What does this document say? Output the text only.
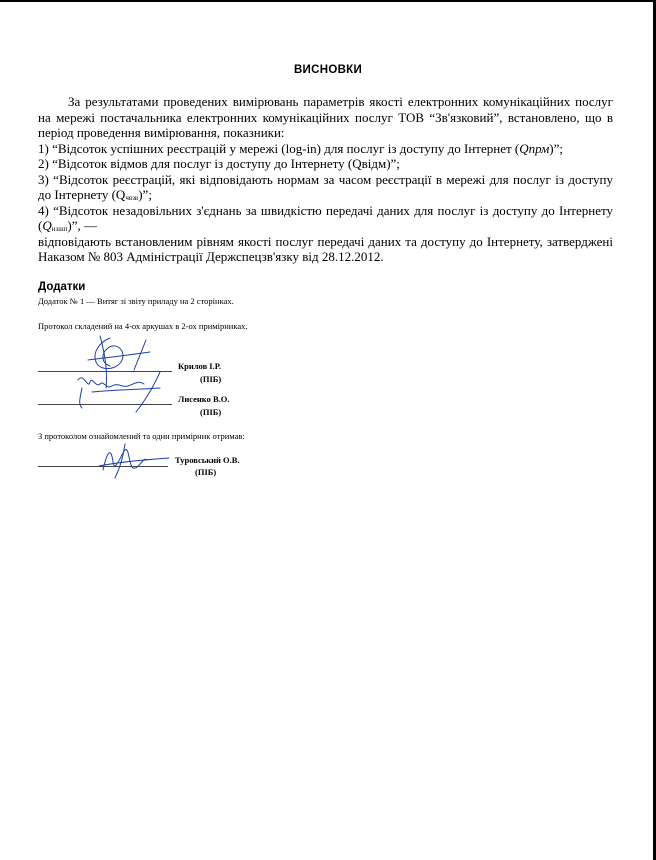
ВИСНОВКИ

За результатами проведених вимірювань параметрів якості електронних комунікаційних послуг на мережі постачальника електронних комунікаційних послуг ТОВ “Зв'язковий”, встановлено, що в період проведення вимірювання, показники:

1) “Відсоток успішних реєстрацій у мережі (log-in) для послуг із доступу до Інтернет (Qпрм)”;

2) “Відсоток відмов для послуг із доступу до Інтернету (Qвідм)”;

3) “Відсоток реєстрацій, які відповідають нормам за часом реєстрації в мережі для послуг із доступу до Інтернету $(Q_{чвзв})$”;

4) “Відсоток незадовільних з'єднань за швидкістю передачі даних для послуг із доступу до Інтернету $(Q_{нзшп})$”, —

відповідають встановленим рівням якості послуг передачі даних та доступу до Інтернету, затверджені Наказом № 803 Адміністрації Держспецзв'язку від 28.12.2012.

Додатки
Додаток № 1 — Витяг зі звіту приладу на 2 сторінках.
Протокол складений на 4-ох аркушах в 2-ох примірниках.
Крилов І.Р.
(ПІБ)
Лисенко В.О.
(ПІБ)
З протоколом ознайомлений та один примірник отримав:
Туровський О.В.
(ПІБ)
